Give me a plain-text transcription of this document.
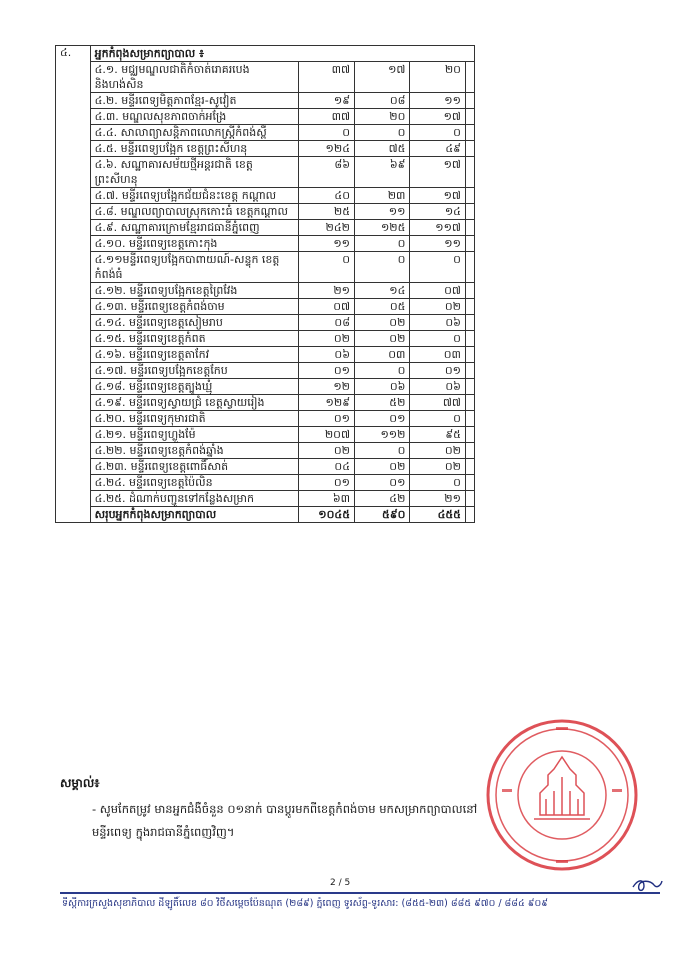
៤.	អ្នកកំពុងសម្រាកព្យាបាល ៖				
	៤.១. មជ្ឈមណ្ឌលជាតិកំចាត់រោគរបេង និងហង់សិន	៣៧	១៧	២០	
	៤.២. មន្ទីរពេទ្យមិត្តភាពខ្មែរ-សូវៀត	១៩	០៨	១១	
	៤.៣. មណ្ឌលសុខភាពចាក់អង្រែ	៣៧	២០	១៧	
	៤.៤. សាលាព្យាសន្តិភាពលោកស្រ្តីកំពង់ស្ពឺ	០	០	០	
	៤.៥. មន្ទីរពេទ្យបង្អែក ខេត្តព្រះសីហនុ	១២៤	៧៥	៤៩	
	៤.៦. សណ្ឋាគារសម័យថ្មីអន្តរជាតិ ខេត្តព្រះសីហនុ	៨៦	៦៩	១៧	
	៤.៧. មន្ទីរពេទ្យបង្អែកជ័យជំនះខេត្ត កណ្តាល	៤០	២៣	១៧	
	៤.៨. មណ្ឌលព្យាបាលស្រុកកោះធំ ខេត្តកណ្តាល	២៥	១១	១៤	
	៤.៩. សណ្ឋាគារក្រោមខ្មែររាជធានីភ្នំពេញ	២៤២	១២៥	១១៧	
	៤.១០. មន្ទីរពេទ្យខេត្តកោះកុង	១១	០	១១	
	៤.១១មន្ទីរពេទ្យបង្អែកបាពាយណ៍-សន្ទុក ខេត្តកំពង់ធំ	០	០	០	
	៤.១២. មន្ទីរពេទ្យបង្អែកខេត្តព្រៃវែង	២១	១៤	០៧	
	៤.១៣. មន្ទីរពេទ្យខេត្តកំពង់ចាម	០៧	០៥	០២	
	៤.១៤. មន្ទីរពេទ្យខេត្តសៀមរាប	០៨	០២	០៦	
	៤.១៥. មន្ទីរពេទ្យខេត្តកំពត	០២	០២	០	
	៤.១៦. មន្ទីរពេទ្យខេត្តតាកែវ	០៦	០៣	០៣	
	៤.១៧. មន្ទីរពេទ្យបង្អែកខេត្តកែប	០១	០	០១	
	៤.១៨. មន្ទីរពេទ្យខេត្តត្បូងឃ្មុំ	១២	០៦	០៦	
	៤.១៩. មន្ទីរពេទ្យស្វាយជ្រំ ខេត្តស្វាយរៀង	១២៩	៥២	៧៧	
	៤.២០. មន្ទីរពេទ្យកុមារជាតិ	០១	០១	០	
	៤.២១. មន្ទីរពេទ្យហ្លួងម៉ែ	២០៧	១១២	៩៥	
	៤.២២. មន្ទីរពេទ្យខេត្តកំពង់ឆ្នាំង	០២	០	០២	
	៤.២៣. មន្ទីរពេទ្យខេត្តពោធិ៍សាត់	០៤	០២	០២	
	៤.២៤. មន្ទីរពេទ្យខេត្តប៉ៃលិន	០១	០១	០	
	៤.២៥. ដំណាក់បញ្ជូនទៅកន្លែងសម្រាក	៦៣	៤២	២១	
	សរុបអ្នកកំពុងសម្រាកព្យាបាល	១០៤៥	៥៩០	៤៥៥	
សម្គាល់៖
- សូមកែតម្រូវ មានអ្នកជំងឺចំនួន ០១នាក់ បានប្តូរមកពីខេត្តកំពង់ចាម មកសម្រាកព្យាបាលនៅមន្ទីរពេទ្យ ក្នុងរាជធានីភ្នំពេញវិញ។
2 / 5
ទីស្តីការក្រសួងសុខាភិបាល ដីឡូតិ៍លេខ ៨០ វិថីសម្តេចប៉ែនណុត (២៨៩) ភ្នំពេញ ទូរស័ព្ទ-ទូរសារ: (៨៥៥-២៣) ៨៨៥ ៩៧០ / ៨៨៤ ៩០៩
